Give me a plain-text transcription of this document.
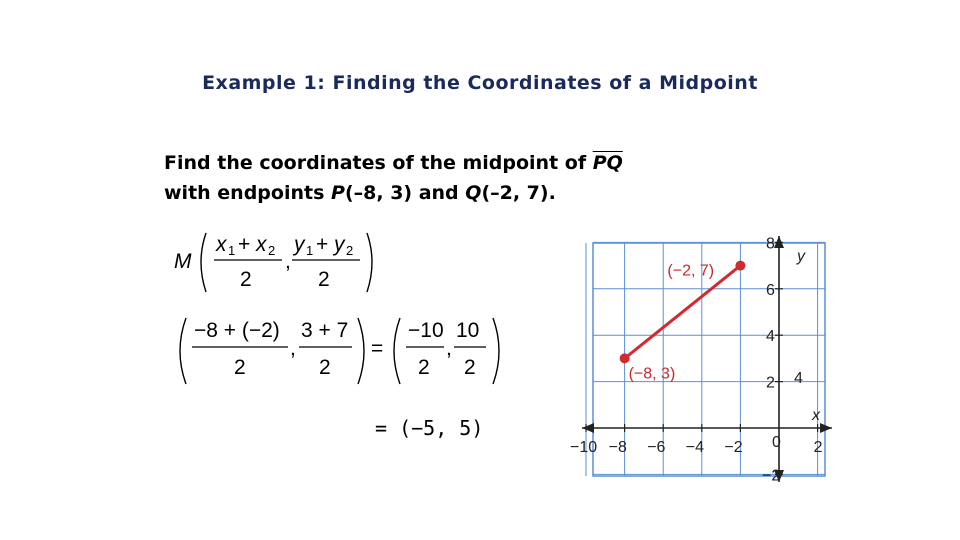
Example 1: Finding the Coordinates of a Midpoint
Find the coordinates of the midpoint of $\overline{PQ}$
with endpoints P(–8, 3) and Q(–2, 7).
M
x 1 + x 2
2
,
y 1 + y 2
2
−8 + (−2)
2
,
3 + 7
2
=
−10
2
,
10
2
−10 −8 −6 −4 −2 0 2
8
6
4
2
−2
4
x
y
(−8, 3)
(−2, 7)
= (−5, 5)
